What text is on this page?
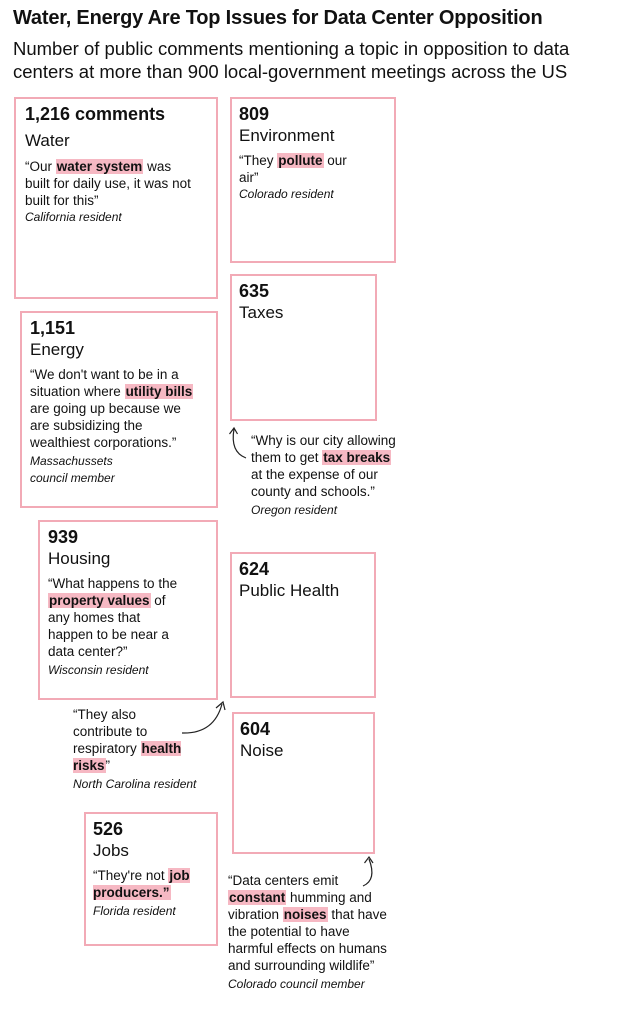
Water, Energy Are Top Issues for Data Center Opposition
Number of public comments mentioning a topic in opposition to data centers at more than 900 local-government meetings across the US
1,216 comments
Water
“Our water system was built for daily use, it was not built for this”
California resident
809
Environment
“They pollute our air”
Colorado resident
635
Taxes
“Why is our city allowing them to get tax breaks at the expense of our county and schools.”
Oregon resident
1,151
Energy
“We don't want to be in a situation where utility bills are going up because we are subsidizing the wealthiest corporations.”
Massachussets
council member
939
Housing
“What happens to the property values of any homes that happen to be near a data center?”
Wisconsin resident
624
Public Health
“They also contribute to respiratory health risks”
North Carolina resident
604
Noise
“Data centers emit constant humming and vibration noises that have the potential to have harmful effects on humans and surrounding wildlife”
Colorado council member
526
Jobs
“They're not job producers.”
Florida resident
